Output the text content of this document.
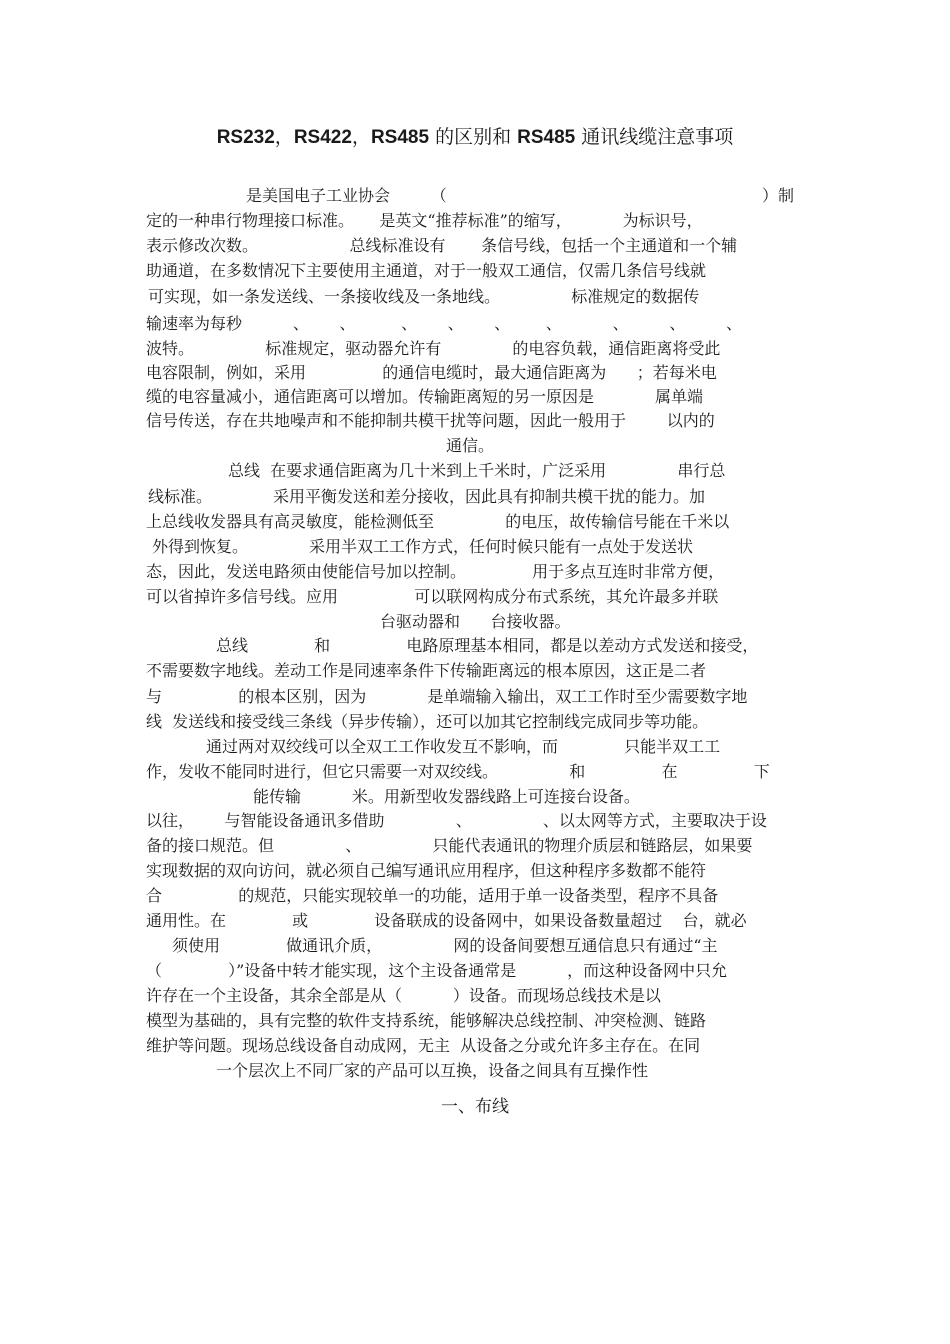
RS232，RS422，RS485 的区别和 RS485 通讯线缆注意事项
是美国电子工业协会        （                                                              ）制
定的一种串行物理接口标准。     是英文“推荐标准”的缩写，          为标识号，
表示修改次数。                  总线标准设有       条信号线，包括一个主通道和一个辅
助通道，在多数情况下主要使用主通道，对于一般双工通信，仅需几条信号线就
可实现，如一条发送线、一条接收线及一条地线。              标准规定的数据传
输速率为每秒          、      、         、      、      、       、          、        、        、
波特。              标准规定，驱动器允许有              的电容负载，通信距离将受此
电容限制，例如，采用               的通信电缆时，最大通信距离为      ；若每米电
缆的电容量减小，通信距离可以增加。传输距离短的另一原因是            属单端
信号传送，存在共地噪声和不能抑制共模干扰等问题，因此一般用于        以内的
通信。
总线  在要求通信距离为几十米到上千米时，广泛采用              串行总
线标准。            采用平衡发送和差分接收，因此具有抑制共模干扰的能力。加
上总线收发器具有高灵敏度，能检测低至              的电压，故传输信号能在千米以
外得到恢复。            采用半双工工作方式，任何时候只能有一点处于发送状
态，因此，发送电路须由使能信号加以控制。             用于多点互连时非常方便，
可以省掉许多信号线。应用               可以联网构成分布式系统，其允许最多并联
台驱动器和      台接收器。
总线             和               电路原理基本相同，都是以差动方式发送和接受，
不需要数字地线。差动工作是同速率条件下传输距离远的根本原因，这正是二者
与               的根本区别，因为            是单端输入输出，双工工作时至少需要数字地
线  发送线和接受线三条线（异步传输），还可以加其它控制线完成同步等功能。
通过两对双绞线可以全双工工作收发互不影响，而             只能半双工工
作，发收不能同时进行，但它只需要一对双绞线。              和               在               下
能传输          米。用新型收发器线路上可连接台设备。
以往，      与智能设备通讯多借助              、              、以太网等方式，主要取决于设
备的接口规范。但              、              只能代表通讯的物理介质层和链路层，如果要
实现数据的双向访问，就必须自己编写通讯应用程序，但这种程序多数都不能符
合               的规范，只能实现较单一的功能，适用于单一设备类型，程序不具备
通用性。在             或             设备联成的设备网中，如果设备数量超过    台，就必
须使用             做通讯介质，              网的设备间要想互通信息只有通过“主
（             ）”设备中转才能实现，这个主设备通常是          ，而这种设备网中只允
许存在一个主设备，其余全部是从（          ）设备。而现场总线技术是以
模型为基础的，具有完整的软件支持系统，能够解决总线控制、冲突检测、链路
维护等问题。现场总线设备自动成网，无主  从设备之分或允许多主存在。在同
一个层次上不同厂家的产品可以互换，设备之间具有互操作性
一、布线
